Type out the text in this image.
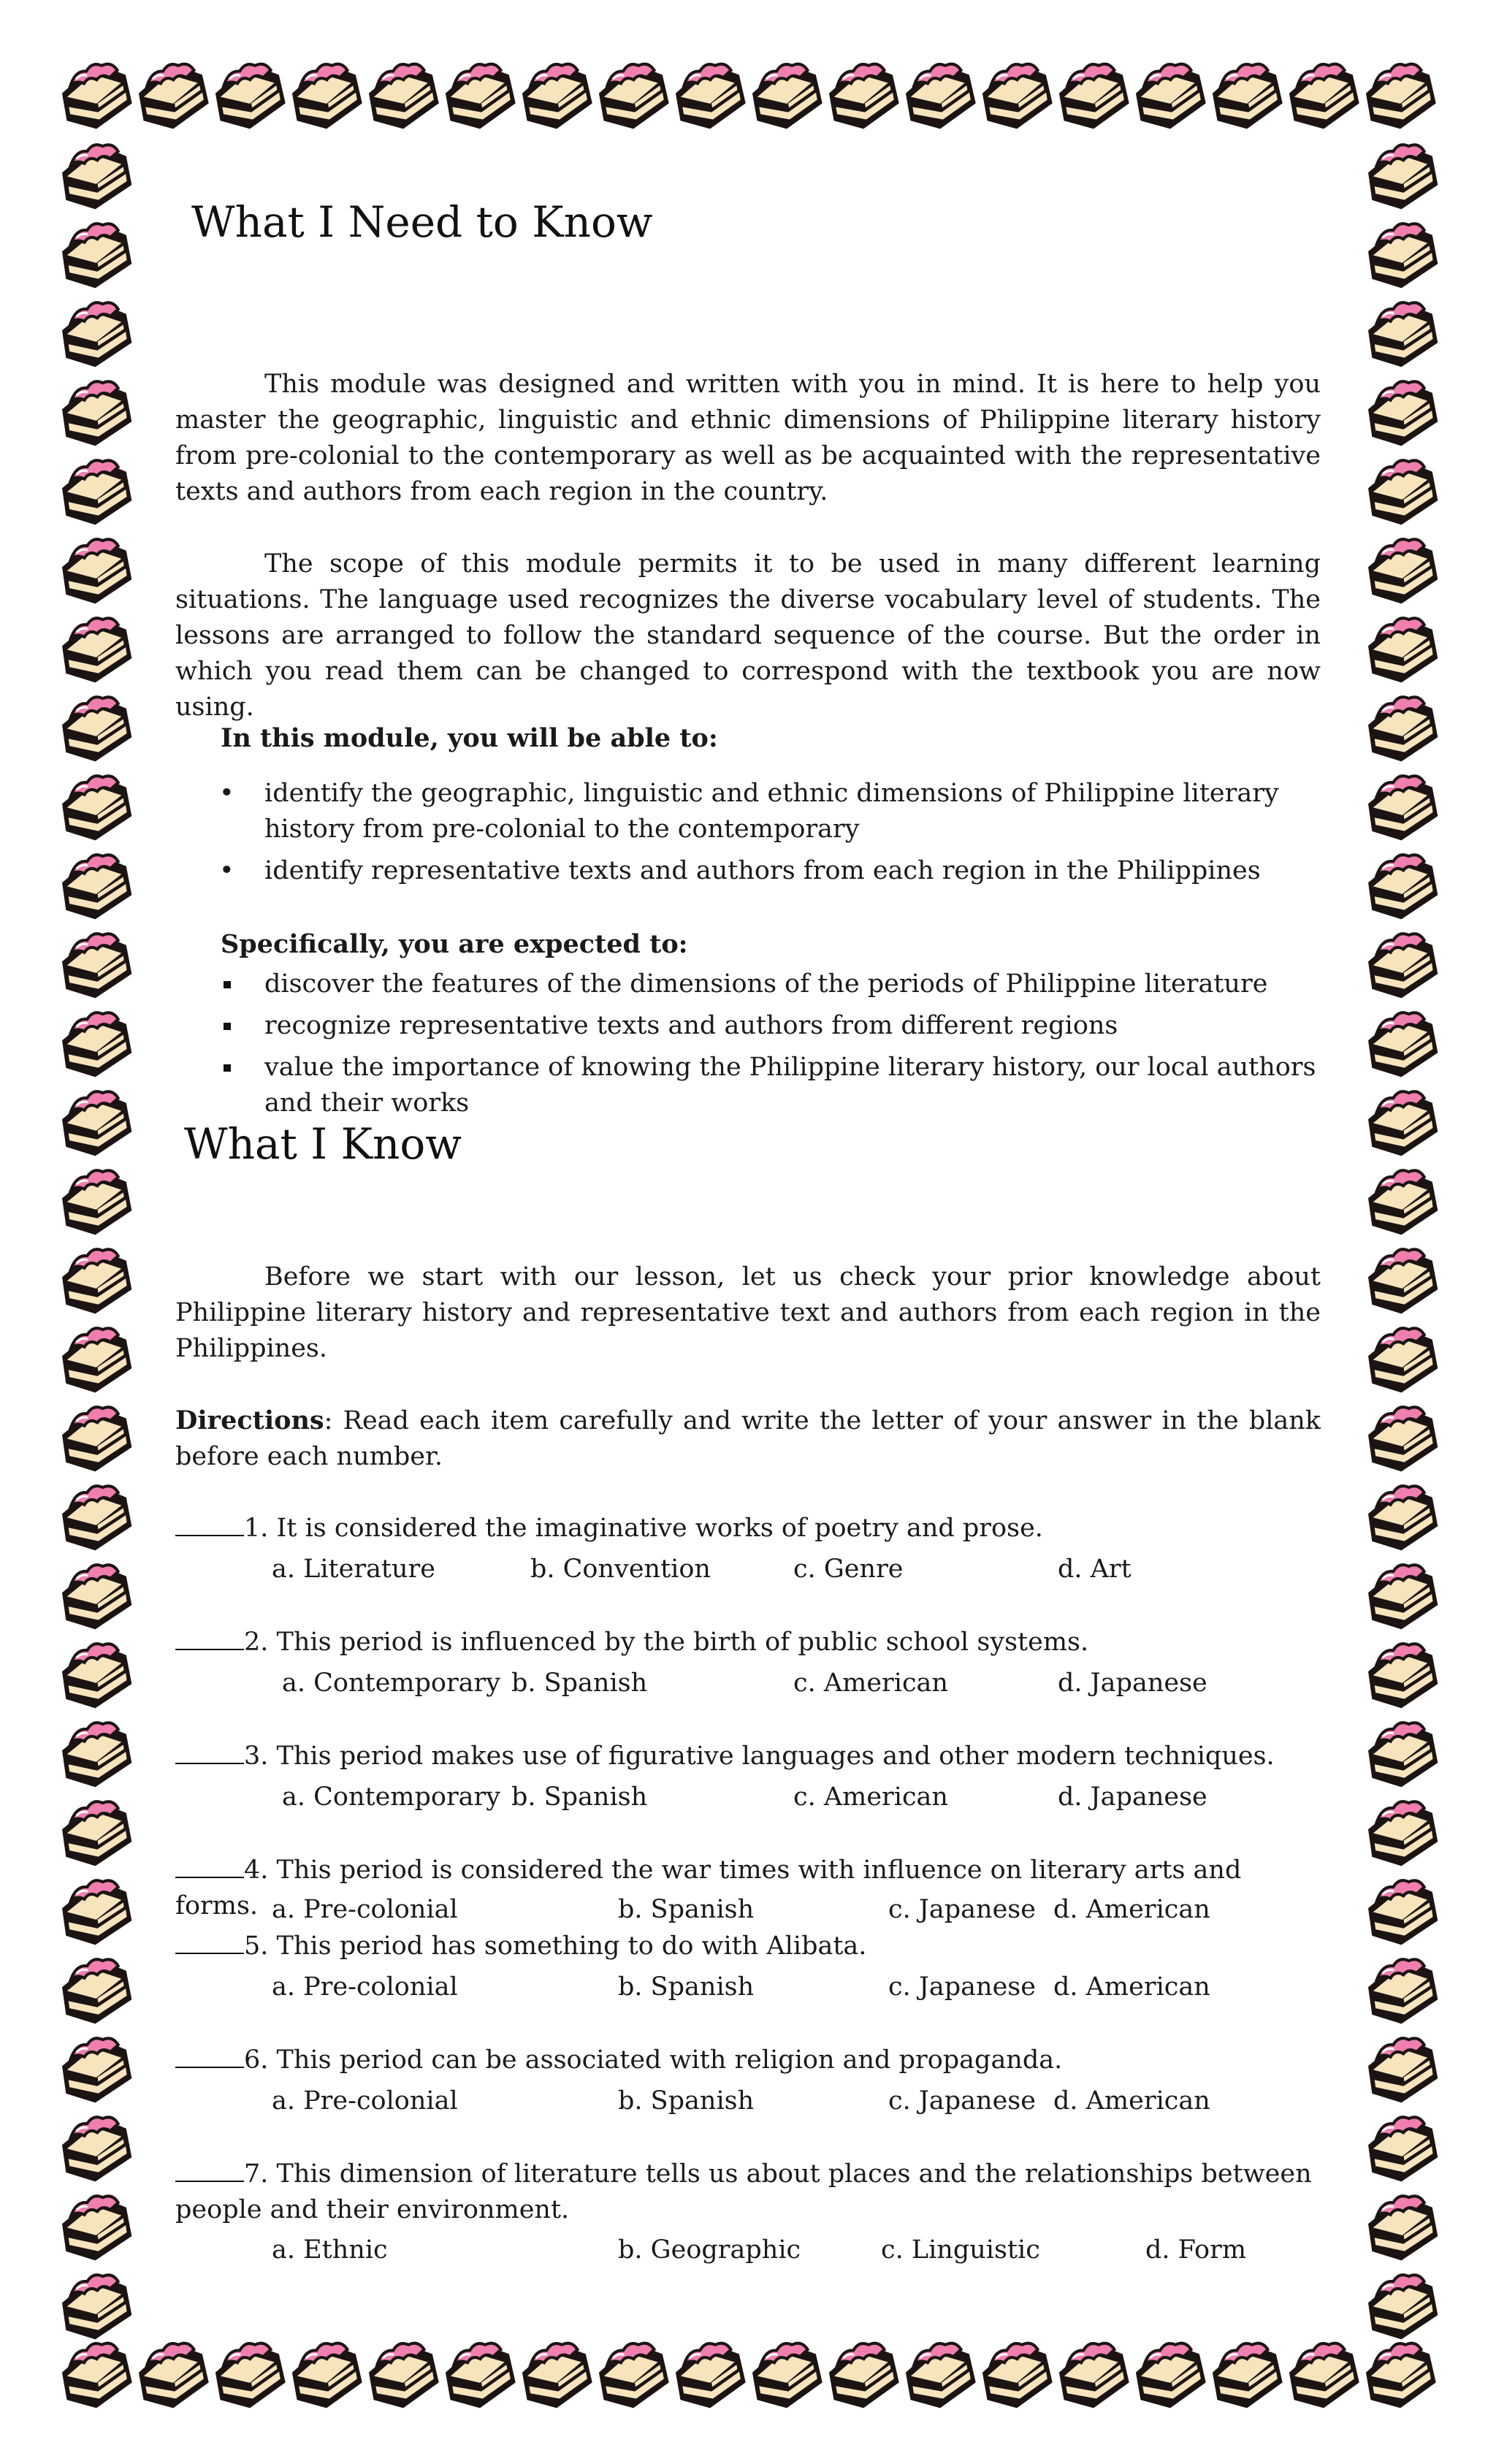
What I Need to Know

This module was designed and written with you in mind. It is here to help you master the geographic, linguistic and ethnic dimensions of Philippine literary history from pre-colonial to the contemporary as well as be acquainted with the representative texts and authors from each region in the country.

The scope of this module permits it to be used in many different learning situations. The language used recognizes the diverse vocabulary level of students. The lessons are arranged to follow the standard sequence of the course. But the order in which you read them can be changed to correspond with the textbook you are now using.

In this module, you will be able to:

• identify the geographic, linguistic and ethnic dimensions of Philippine literary history from pre-colonial to the contemporary
• identify representative texts and authors from each region in the Philippines

Specifically, you are expected to:

discover the features of the dimensions of the periods of Philippine literature
recognize representative texts and authors from different regions
value the importance of knowing the Philippine literary history, our local authors and their works
What I Know

Before we start with our lesson, let us check your prior knowledge about Philippine literary history and representative text and authors from each region in the Philippines.

Directions: Read each item carefully and write the letter of your answer in the blank before each number.

1. It is considered the imaginative works of poetry and prose.

a. Literature	b. Convention	c. Genre	d. Art

2. This period is influenced by the birth of public school systems.

a. Contemporary b. Spanish	c. American	d. Japanese

3. This period makes use of figurative languages and other modern techniques.

a. Contemporary b. Spanish	c. American	d. Japanese

4. This period is considered the war times with influence on literary arts and forms. a. Pre-colonial	b. Spanish	c. Japanese d. American

5. This period has something to do with Alibata.

a. Pre-colonial	b. Spanish	c. Japanese d. American

6. This period can be associated with religion and propaganda.

a. Pre-colonial	b. Spanish	c. Japanese d. American

7. This dimension of literature tells us about places and the relationships between people and their environment.

a. Ethnic	b. Geographic	c. Linguistic	d. Form
